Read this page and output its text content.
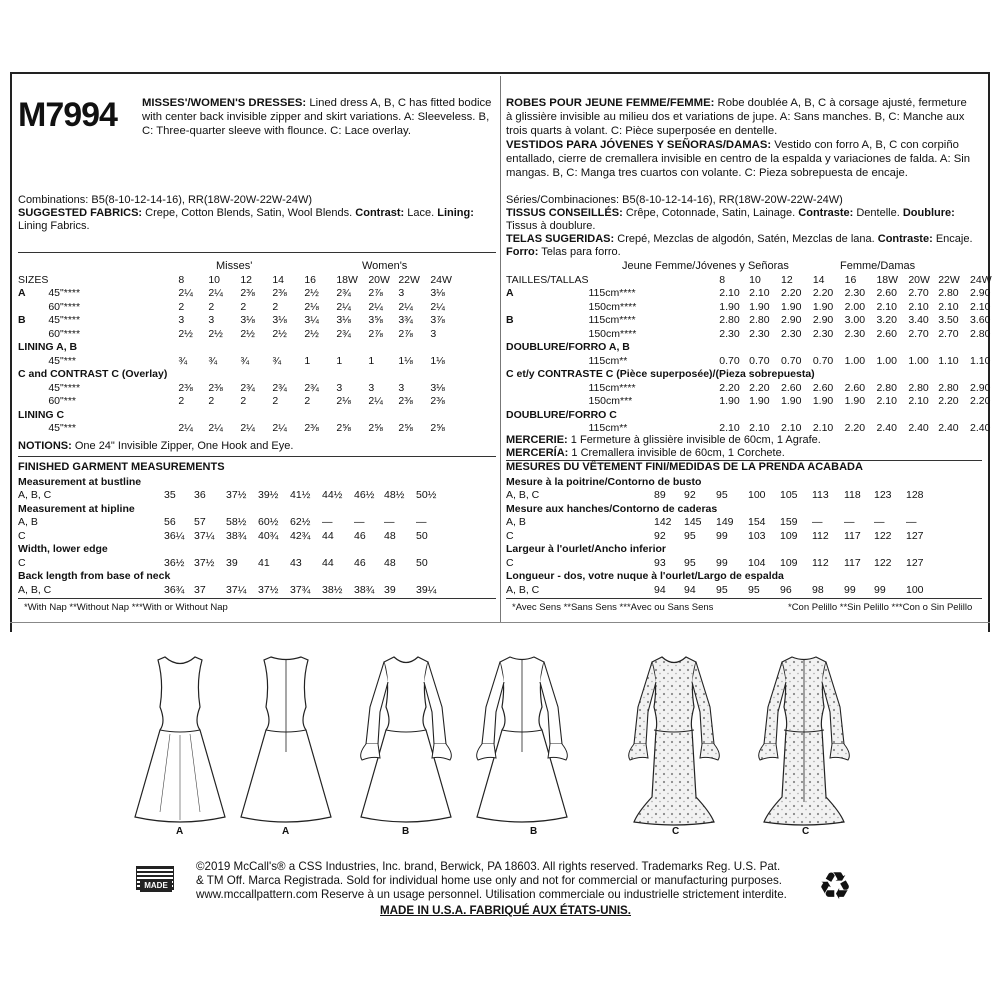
M7994 MISSES'/WOMEN'S DRESSES: Lined dress A, B, C has fitted bodice with center back invisible zipper and skirt variations. A: Sleeveless. B, C: Three-quarter sleeve with flounce. C: Lace overlay.
ROBES POUR JEUNE FEMME/FEMME: Robe doublée A, B, C à corsage ajusté, fermeture à glissière invisible au milieu dos et variations de jupe. A: Sans manches. B, C: Manche aux trois quarts à volant. C: Pièce superposée en dentelle.
VESTIDOS PARA JÓVENES Y SEÑORAS/DAMAS: Vestido con forro A, B, C con corpiño entallado, cierre de cremallera invisible en centro de la espalda y variaciones de falda. A: Sin mangas. B, C: Manga tres cuartos con volante. C: Pieza sobrepuesta de encaje.
Combinations: B5(8-10-12-14-16), RR(18W-20W-22W-24W)
SUGGESTED FABRICS: Crepe, Cotton Blends, Satin, Wool Blends. Contrast: Lace. Lining: Lining Fabrics.
Misses'	Women's
SIZES		8	10	12	14	16	18W	20W	22W	24W
A	45"****	2¼	2¼	2⅜	2⅜	2½	2¾	2⅞	3	3⅛
	60"****	2	2	2	2	2⅛	2¼	2¼	2¼	2¼
B	45"****	3	3	3⅛	3⅛	3¼	3⅛	3⅝	3¾	3⅞
	60"****	2½	2½	2½	2½	2½	2¾	2⅞	2⅞	3
LINING A, B										
	45"***	¾	¾	¾	¾	1	1	1	1⅛	1⅛
C and CONTRAST C (Overlay)										
	45"****	2⅜	2⅜	2¾	2¾	2¾	3	3	3	3⅛
	60"***	2	2	2	2	2	2⅛	2¼	2⅜	2⅜
LINING C										
	45"***	2¼	2¼	2¼	2¼	2⅜	2⅝	2⅝	2⅝	2⅝
NOTIONS: One 24" Invisible Zipper, One Hook and Eye.
FINISHED GARMENT MEASUREMENTS
Measurement at bustline									
A, B, C	35	36	37½	39½	41½	44½	46½	48½	50½
Measurement at hipline									
A, B	56	57	58½	60½	62½	—	—	—	—
C	36¼	37¼	38¾	40¾	42¾	44	46	48	50
Width, lower edge									
C	36½	37½	39	41	43	44	46	48	50
Back length from base of neck									
A, B, C	36¾	37	37¼	37½	37¾	38½	38¾	39	39¼
*With Nap **Without Nap ***With or Without Nap
Séries/Combinaciones: B5(8-10-12-14-16), RR(18W-20W-22W-24W)
TISSUS CONSEILLÉS: Crêpe, Cotonnade, Satin, Lainage. Contraste: Dentelle. Doublure: Tissus à doublure.
TELAS SUGERIDAS: Crepé, Mezclas de algodón, Satén, Mezclas de lana. Contraste: Encaje. Forro: Telas para forro.
Jeune Femme/Jóvenes y Señoras	Femme/Damas
TAILLES/TALLAS		8	10	12	14	16	18W	20W	22W	24W
A	115cm****	2.10	2.10	2.20	2.20	2.30	2.60	2.70	2.80	2.90
	150cm****	1.90	1.90	1.90	1.90	2.00	2.10	2.10	2.10	2.10
B	115cm****	2.80	2.80	2.90	2.90	3.00	3.20	3.40	3.50	3.60
	150cm****	2.30	2.30	2.30	2.30	2.30	2.60	2.70	2.70	2.80
DOUBLURE/FORRO A, B										
	115cm**	0.70	0.70	0.70	0.70	1.00	1.00	1.00	1.10	1.10
C et/y CONTRASTE C (Pièce superposée)/(Pieza sobrepuesta)										
	115cm****	2.20	2.20	2.60	2.60	2.60	2.80	2.80	2.80	2.90
	150cm***	1.90	1.90	1.90	1.90	1.90	2.10	2.10	2.20	2.20
DOUBLURE/FORRO C										
	115cm**	2.10	2.10	2.10	2.10	2.20	2.40	2.40	2.40	2.40
MERCERIE: 1 Fermeture à glissière invisible de 60cm, 1 Agrafe.
MERCERÍA: 1 Cremallera invisible de 60cm, 1 Corchete.
MESURES DU VÊTEMENT FINI/MEDIDAS DE LA PRENDA ACABADA
Mesure à la poitrine/Contorno de busto									
A, B, C	89	92	95	100	105	113	118	123	128
Mesure aux hanches/Contorno de caderas									
A, B	142	145	149	154	159	—	—	—	—
C	92	95	99	103	109	112	117	122	127
Largeur à l'ourlet/Ancho inferior									
C	93	95	99	104	109	112	117	122	127
Longueur - dos, votre nuque à l'ourlet/Largo de espalda									
A, B, C	94	94	95	95	96	98	99	99	100
*Avec Sens **Sans Sens ***Avec ou Sans Sens	*Con Pelillo **Sin Pelillo ***Con o Sin Pelillo
A	A	B	B	C	C
MADE IN USA
©2019 McCall's® a CSS Industries, Inc. brand, Berwick, PA 18603. All rights reserved. Trademarks Reg. U.S. Pat.
& TM Off. Marca Registrada. Sold for individual home use only and not for commercial or manufacturing purposes.
www.mccallpattern.com Reserve à un usage personnel. Utilisation commerciale ou industrielle strictement interdite.
MADE IN U.S.A. FABRIQUÉ AUX ÉTATS-UNIS.
♻
